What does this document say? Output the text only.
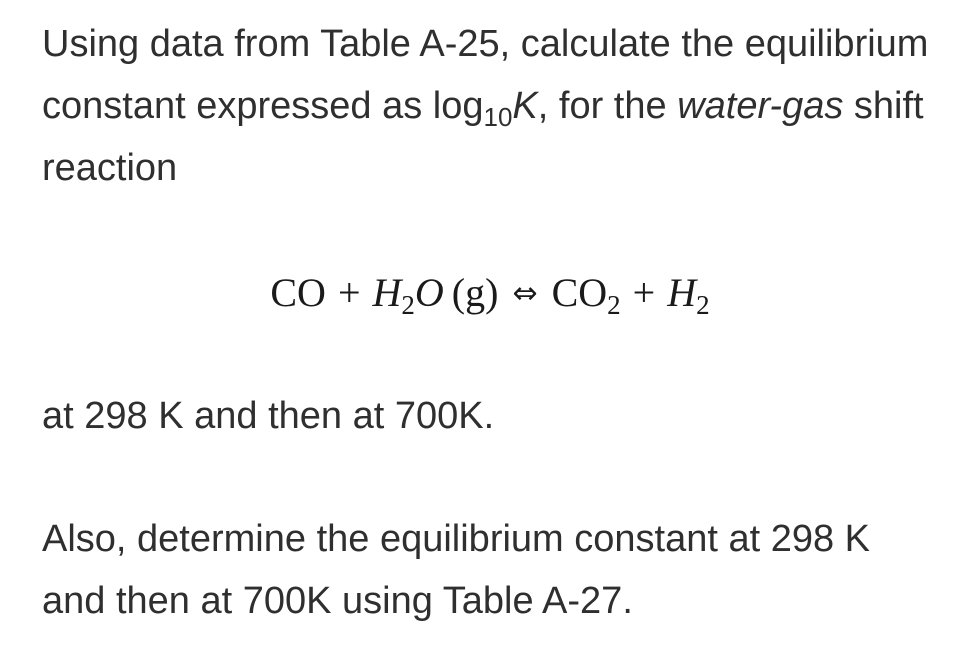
Using data from Table A-25, calculate the equilibrium constant expressed as $\log_{10}K$, for the water-gas shift reaction

CO + $H_2O$ (g) ⇔ $CO_2 + H_2$

at 298 K and then at 700K.

Also, determine the equilibrium constant at 298 K and then at 700K using Table A-27.
